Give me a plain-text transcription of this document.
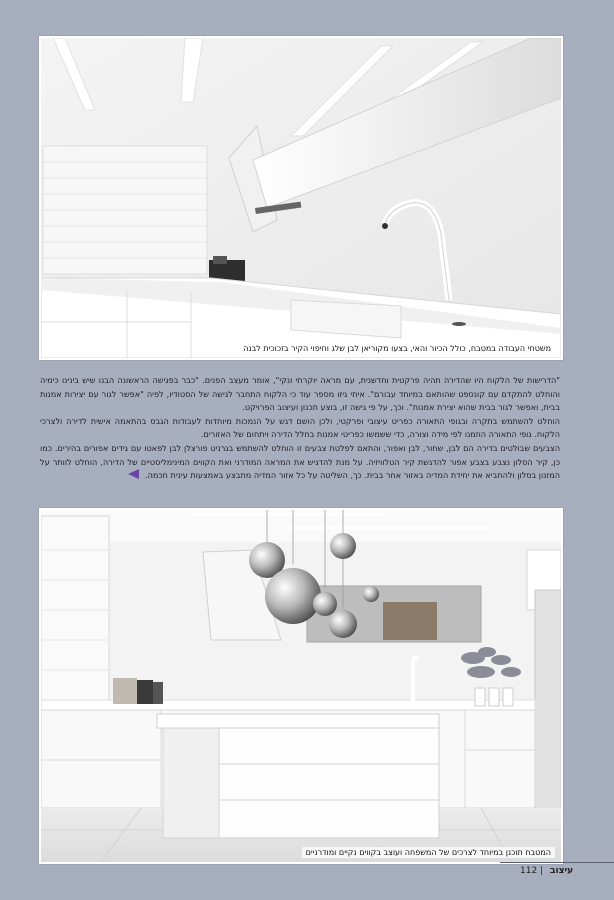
משטחי העבודה במטבח, כולל הכיור והאי, בצעו מקוריאן לבן שלג וחיפוי הקיר בזכוכית לבנה

"הדרישות של הלקוח היו שהדירה תהיה פרקטית וחדשנית, עם מראה יוקרתי ונקי", אומר מעצב הפנים. "כבר בפגישה הראשונה הבנו שיש בינינו כימיה והוחלט להתקדם עם קונספט שהותאם במיוחד עבורם". איתי גיזו מספר עוד כי הלקוח התחבר לגישה של הסטודיו, לפיה "אפשר לגור עם יצירות אמנות בבית, ואפשר לגור בבית שהוא יצירת אמנות". וכך, על פי גישה זו, בוצע תכנון ועיצוב הפרויקט.

הוחלט להשתמש בתקרה ובגופי התאורה כפריט עיצובי ופרקטי, ולכן הושם דגש על הנמכות מיוחדות לעבודות הגבס בהתאמה אישית לדירה ולצרכי הלקוח. גופי התאורה הוזמנו לפי מידה וצורה, כדי ששמשו כפריטי אמנות בחלל הדירה ויתחום של האזורים.

הצבעים שבולטים בדירה הם לבן, שחור, לבן ואפור, והתאם לפלטת צבעים זו הוחלט להשתמש בגרניט פורצלן לבן לפאטו עם גידים אפורים בהירים. כמו כן, קיר הסלון נצבע בצבע אפור להדגשת קיר הטלוויזיה. על מנת להדגיש את המראה המודרני ואת הקווים המינימליסטיים של הדירה, הוחלט לוותר על המזנון בסלון ולהחביא את יחידת המדיה באזור אחר בבית. כך, השליטה על כל אזור המדיה מתבצע באמצעות עינית חכמה.

המטבח תוכנן במיוחד לצרכים של המשפחה ועוצב בקווים נקיים ומודרניים
עיצוב | 112
